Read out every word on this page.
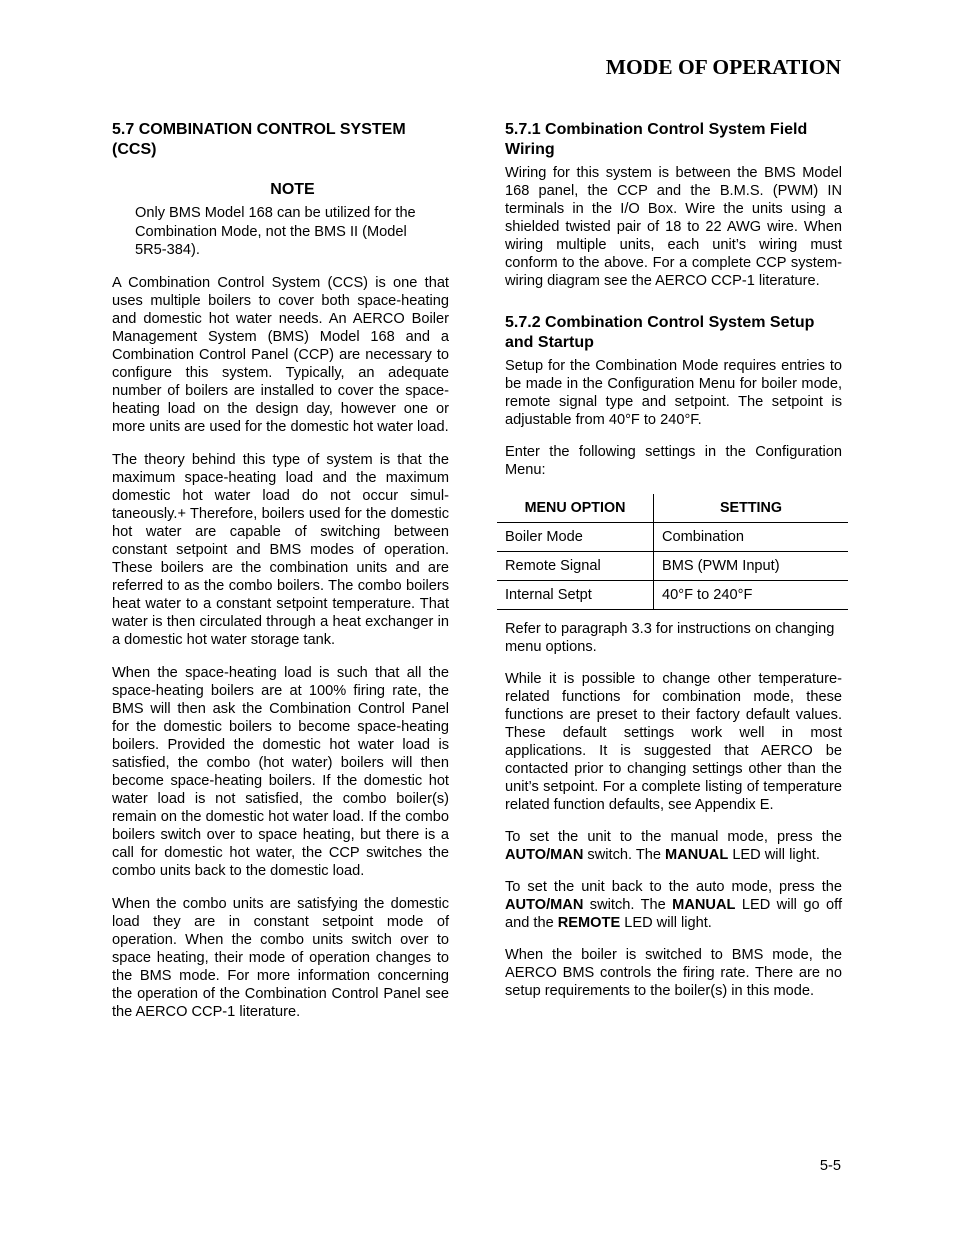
MODE OF OPERATION
5.7 COMBINATION CONTROL SYSTEM (CCS)
NOTE

Only BMS Model 168 can be utilized for the Combination Mode, not the BMS II (Model 5R5-384).

A Combination Control System (CCS) is one that uses multiple boilers to cover both space-heating and domestic hot water needs. An AERCO Boiler Management System (BMS) Model 168 and a Combination Control Panel (CCP) are necessary to configure this system. Typically, an adequate number of boilers are installed to cover the space-heating load on the design day, however one or more units are used for the domestic hot water load.

The theory behind this type of system is that the maximum space-heating load and the maximum domestic hot water load do not occur simul-taneously.+ Therefore, boilers used for the domestic hot water are capable of switching between constant setpoint and BMS modes of operation. These boilers are the combination units and are referred to as the combo boilers. The combo boilers heat water to a constant setpoint temperature. That water is then circulated through a heat exchanger in a domestic hot water storage tank.

When the space-heating load is such that all the space-heating boilers are at 100% firing rate, the BMS will then ask the Combination Control Panel for the domestic boilers to become space-heating boilers. Provided the domestic hot water load is satisfied, the combo (hot water) boilers will then become space-heating boilers. If the domestic hot water load is not satisfied, the combo boiler(s) remain on the domestic hot water load. If the combo boilers switch over to space heating, but there is a call for domestic hot water, the CCP switches the combo units back to the domestic load.

When the combo units are satisfying the domestic load they are in constant setpoint mode of operation. When the combo units switch over to space heating, their mode of operation changes to the BMS mode. For more information concerning the operation of the Combination Control Panel see the AERCO CCP-1 literature.

5.7.1 Combination Control System Field Wiring

Wiring for this system is between the BMS Model 168 panel, the CCP and the B.M.S. (PWM) IN terminals in the I/O Box. Wire the units using a shielded twisted pair of 18 to 22 AWG wire. When wiring multiple units, each unit’s wiring must conform to the above. For a complete CCP system-wiring diagram see the AERCO CCP-1 literature.

5.7.2 Combination Control System Setup and Startup

Setup for the Combination Mode requires entries to be made in the Configuration Menu for boiler mode, remote signal type and setpoint. The setpoint is adjustable from 40°F to 240°F.

Enter the following settings in the Configuration Menu:

MENU OPTION	SETTING
Boiler Mode	Combination
Remote Signal	BMS (PWM Input)
Internal Setpt	40°F to 240°F

Refer to paragraph 3.3 for instructions on changing menu options.

While it is possible to change other temperature-related functions for combination mode, these functions are preset to their factory default values. These default settings work well in most applications. It is suggested that AERCO be contacted prior to changing settings other than the unit’s setpoint. For a complete listing of temperature related function defaults, see Appendix E.

To set the unit to the manual mode, press the AUTO/MAN switch. The MANUAL LED will light.

To set the unit back to the auto mode, press the AUTO/MAN switch. The MANUAL LED will go off and the REMOTE LED will light.

When the boiler is switched to BMS mode, the AERCO BMS controls the firing rate. There are no setup requirements to the boiler(s) in this mode.

5-5
